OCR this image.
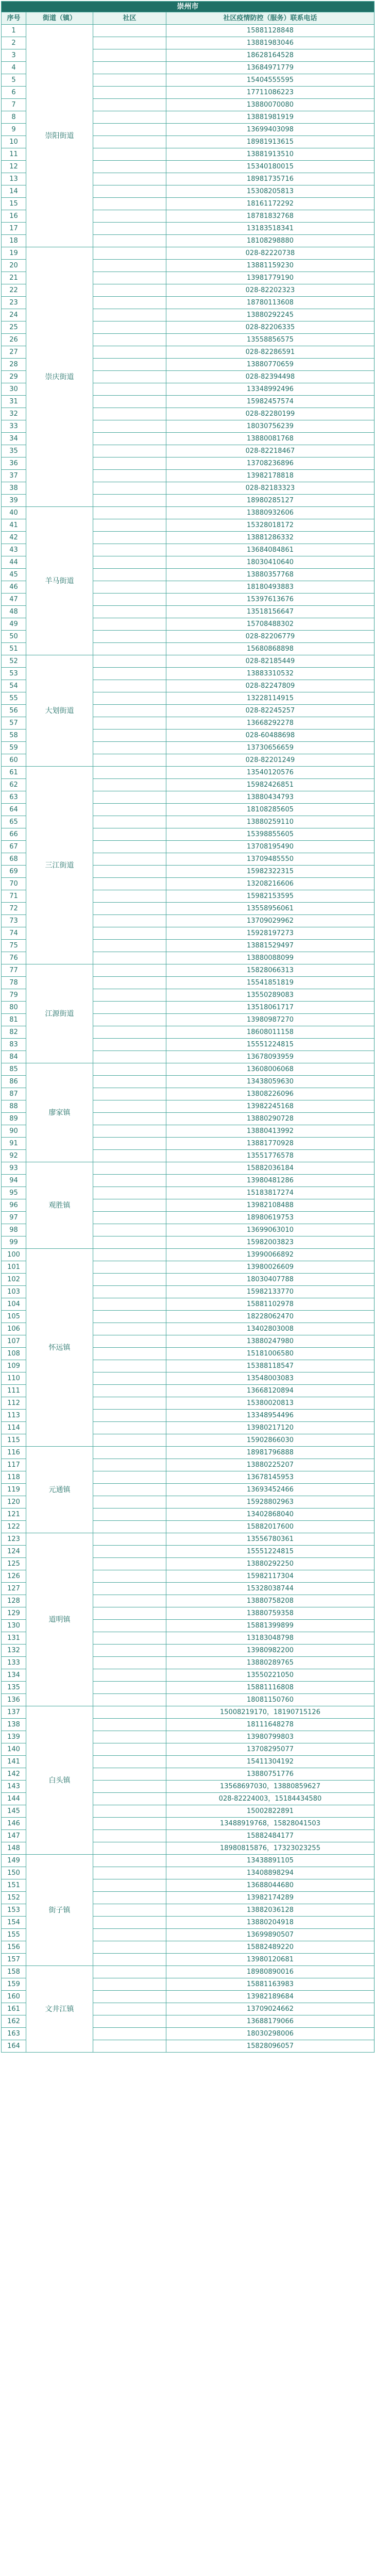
崇州市			
序号	街道（镇）	社区	社区疫情防控（服务）联系电话
1	崇阳街道		15881128848
2			13881983046
3			18628164528
4			13684971779
5			15404555595
6			17711086223
7			13880070080
8			13881981919
9			13699403098
10			18981913615
11			13881913510
12			15340180015
13			18981735716
14			15308205813
15			18161172292
16			18781832768
17			13183518341
18			18108298880
19	崇庆街道		028-82220738
20			13881159230
21			13981779190
22			028-82202323
23			18780113608
24			13880292245
25			028-82206335
26			13558856575
27			028-82286591
28			13880770659
29			028-82394498
30			13348992496
31			15982457574
32			028-82280199
33			18030756239
34			13880081768
35			028-82218467
36			13708236896
37			13982178818
38			028-82183323
39			18980285127
40	羊马街道		13880932606
41			15328018172
42			13881286332
43			13684084861
44			18030410640
45			13880357768
46			18180493883
47			15397613676
48			13518156647
49			15708488302
50			028-82206779
51			15680868898
52	大划街道		028-82185449
53			13883310532
54			028-82247809
55			13228114915
56			028-82245257
57			13668292278
58			028-60488698
59			13730656659
60			028-82201249
61	三江街道		13540120576
62			15982426851
63			13880434793
64			18108285605
65			13880259110
66			15398855605
67			13708195490
68			13709485550
69			15982322315
70			13208216606
71			15982153595
72			13558956061
73			13709029962
74			15928197273
75			13881529497
76			13880088099
77	江源街道		15828066313
78			15541851819
79			13550289083
80			13518061717
81			13980987270
82			18608011158
83			15551224815
84			13678093959
85	廖家镇		13608006068
86			13438059630
87			13808226096
88			13982245168
89			13880290728
90			13880413992
91			13881770928
92			13551776578
93	观胜镇		15882036184
94			13980481286
95			15183817274
96			13982108488
97			18980619753
98			13699063010
99			15982003823
100	怀远镇		13990066892
101			13980026609
102			18030407788
103			15982133770
104			15881102978
105			18228062470
106			13402803008
107			13880247980
108			15181006580
109			15388118547
110			13548003083
111			13668120894
112			15380020813
113			13348954496
114			13980217120
115			15902866030
116	元通镇		18981796888
117			13880225207
118			13678145953
119			13693452466
120			15928802963
121			13402868040
122			15882017600
123	道明镇		13556780361
124			15551224815
125			13880292250
126			15982117304
127			15328038744
128			13880758208
129			13880759358
130			15881399899
131			13183048798
132			13980982200
133			13880289765
134			13550221050
135			15881116808
136			18081150760
137	白头镇		15008219170，18190715126
138			18111648278
139			13980799803
140			13708295077
141			15411304192
142			13880751776
143			13568697030，13880859627
144			028-82224003，15184434580
145			15002822891
146			13488919768，15828041503
147			15882484177
148			18980815876，17323023255
149	街子镇		13438891105
150			13408898294
151			13688044680
152			13982174289
153			13882036128
154			13880204918
155			13699890507
156			15882489220
157			13980120681
158	文井江镇		18980890016
159			15881163983
160			13982189684
161			13709024662
162			13688179066
163			18030298006
164			15828096057
